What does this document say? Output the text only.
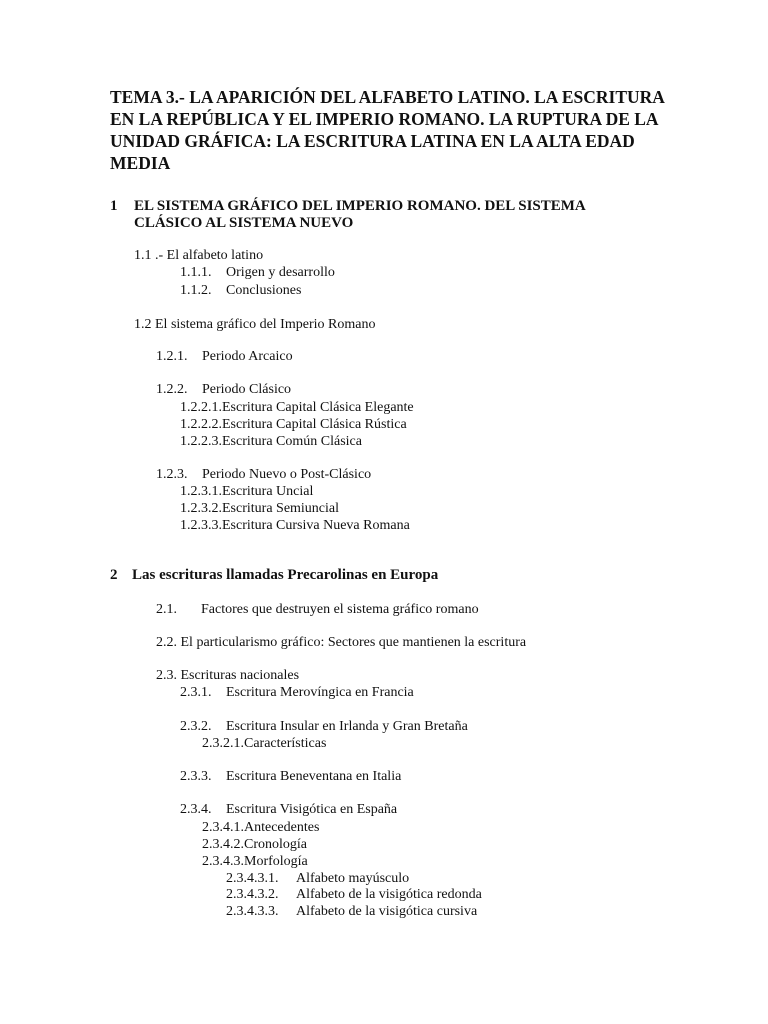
TEMA 3.- LA APARICIÓN DEL ALFABETO LATINO. LA ESCRITURA EN LA REPÚBLICA Y EL IMPERIO ROMANO. LA RUPTURA DE LA UNIDAD GRÁFICA: LA ESCRITURA LATINA EN LA ALTA EDAD MEDIA
1 EL SISTEMA GRÁFICO DEL IMPERIO ROMANO. DEL SISTEMA
CLÁSICO AL SISTEMA NUEVO
1.1 .- El alfabeto latino
1.1.1. Origen y desarrollo
1.1.2. Conclusiones
1.2 El sistema gráfico del Imperio Romano
1.2.1. Periodo Arcaico
1.2.2. Periodo Clásico
1.2.2.1.Escritura Capital Clásica Elegante
1.2.2.2.Escritura Capital Clásica Rústica
1.2.2.3.Escritura Común Clásica
1.2.3. Periodo Nuevo o Post-Clásico
1.2.3.1.Escritura Uncial
1.2.3.2.Escritura Semiuncial
1.2.3.3.Escritura Cursiva Nueva Romana
2 Las escrituras llamadas Precarolinas en Europa
2.1. Factores que destruyen el sistema gráfico romano
2.2. El particularismo gráfico: Sectores que mantienen la escritura
2.3. Escrituras nacionales
2.3.1. Escritura Merovíngica en Francia
2.3.2. Escritura Insular en Irlanda y Gran Bretaña
2.3.2.1.Características
2.3.3. Escritura Beneventana en Italia
2.3.4. Escritura Visigótica en España
2.3.4.1.Antecedentes
2.3.4.2.Cronología
2.3.4.3.Morfología
2.3.4.3.1. Alfabeto mayúsculo
2.3.4.3.2. Alfabeto de la visigótica redonda
2.3.4.3.3. Alfabeto de la visigótica cursiva
